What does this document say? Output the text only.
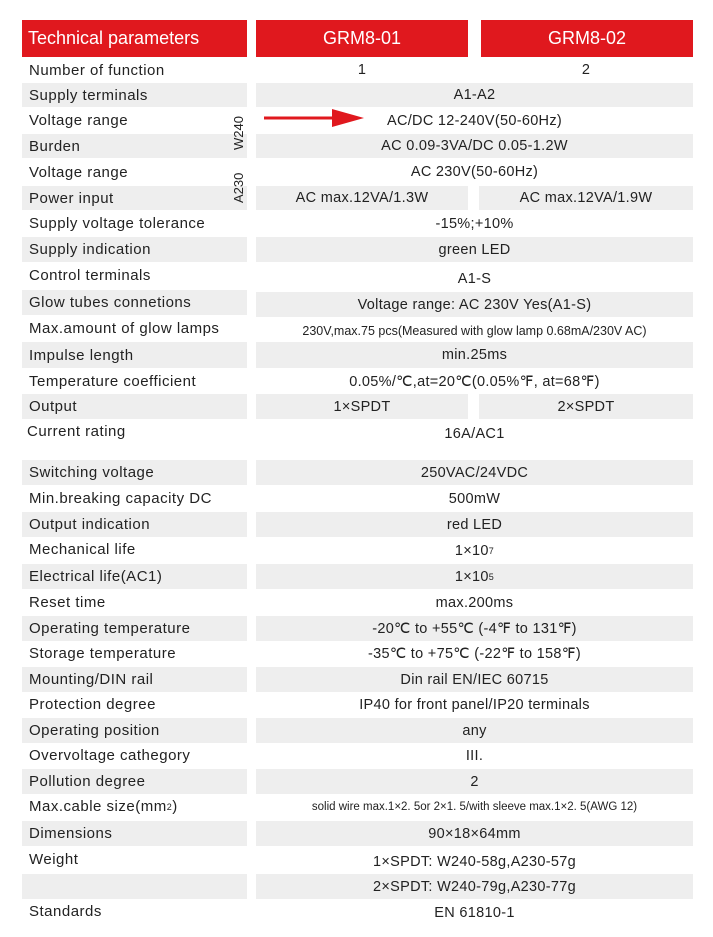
Technical parameters	GRM8-01	GRM8-02
Number of function	1	2
Supply terminals	A1-A2
Voltage range	AC/DC 12-240V(50-60Hz)
Burden	AC 0.09-3VA/DC 0.05-1.2W
Voltage range	AC 230V(50-60Hz)
Power input	AC max.12VA/1.3W	AC max.12VA/1.9W
W240
A230
Supply voltage tolerance	-15%;+10%
Supply indication	green LED
Control terminals	A1-S
Glow tubes connetions	Voltage range: AC 230V Yes(A1-S)
Max.amount of glow lamps	230V,max.75 pcs(Measured with glow lamp 0.68mA/230V AC)
Impulse length	min.25ms
Temperature coefficient	0.05%/℃,at=20℃(0.05%℉, at=68℉)
Output	1×SPDT	2×SPDT
Current rating	16A/AC1
Switching voltage	250VAC/24VDC
Min.breaking capacity DC	500mW
Output indication	red LED
Mechanical life	1×10 7
Electrical life(AC1)	1×10 5
Reset time	max.200ms
Operating temperature	-20℃ to +55℃ (-4℉ to 131℉)
Storage temperature	-35℃ to +75℃ (-22℉ to 158℉)
Mounting/DIN rail	Din rail EN/IEC 60715
Protection degree	IP40 for front panel/IP20 terminals
Operating position	any
Overvoltage cathegory	III.
Pollution degree	2
Max.cable size(mm 2 )	solid wire max.1×2. 5or 2×1. 5/with sleeve max.1×2. 5(AWG 12)
Dimensions	90×18×64mm
Weight	1×SPDT: W240-58g,A230-57g
2×SPDT: W240-79g,A230-77g
Standards	EN 61810-1
